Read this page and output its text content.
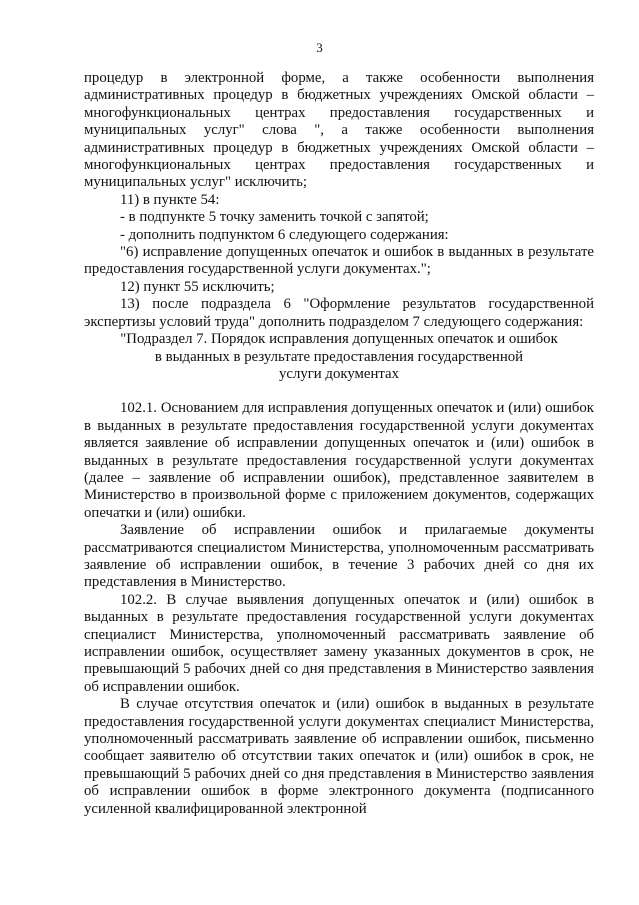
3

процедур в электронной форме, а также особенности выполнения административных процедур в бюджетных учреждениях Омской области – многофункциональных центрах предоставления государственных и муниципальных услуг" слова ", а также особенности выполнения административных процедур в бюджетных учреждениях Омской области – многофункциональных центрах предоставления государственных и муниципальных услуг" исключить;

11) в пункте 54:

- в подпункте 5 точку заменить точкой с запятой;

- дополнить подпунктом 6 следующего содержания:

"6) исправление допущенных опечаток и ошибок в выданных в результате предоставления государственной услуги документах.";

12) пункт 55 исключить;

13) после подраздела 6 "Оформление результатов государственной экспертизы условий труда" дополнить подразделом 7 следующего содержания:

"Подраздел 7. Порядок исправления допущенных опечаток и ошибок
в выданных в результате предоставления государственной
услуги документах

102.1. Основанием для исправления допущенных опечаток и (или) ошибок в выданных в результате предоставления государственной услуги документах является заявление об исправлении допущенных опечаток и (или) ошибок в выданных в результате предоставления государственной услуги документах (далее – заявление об исправлении ошибок), представленное заявителем в Министерство в произвольной форме с приложением документов, содержащих опечатки и (или) ошибки.

Заявление об исправлении ошибок и прилагаемые документы рассматриваются специалистом Министерства, уполномоченным рассматривать заявление об исправлении ошибок, в течение 3 рабочих дней со дня их представления в Министерство.

102.2. В случае выявления допущенных опечаток и (или) ошибок в выданных в результате предоставления государственной услуги документах специалист Министерства, уполномоченный рассматривать заявление об исправлении ошибок, осуществляет замену указанных документов в срок, не превышающий 5 рабочих дней со дня представления в Министерство заявления об исправлении ошибок.

В случае отсутствия опечаток и (или) ошибок в выданных в результате предоставления государственной услуги документах специалист Министерства, уполномоченный рассматривать заявление об исправлении ошибок, письменно сообщает заявителю об отсутствии таких опечаток и (или) ошибок в срок, не превышающий 5 рабочих дней со дня представления в Министерство заявления об исправлении ошибок в форме электронного документа (подписанного усиленной квалифицированной электронной
